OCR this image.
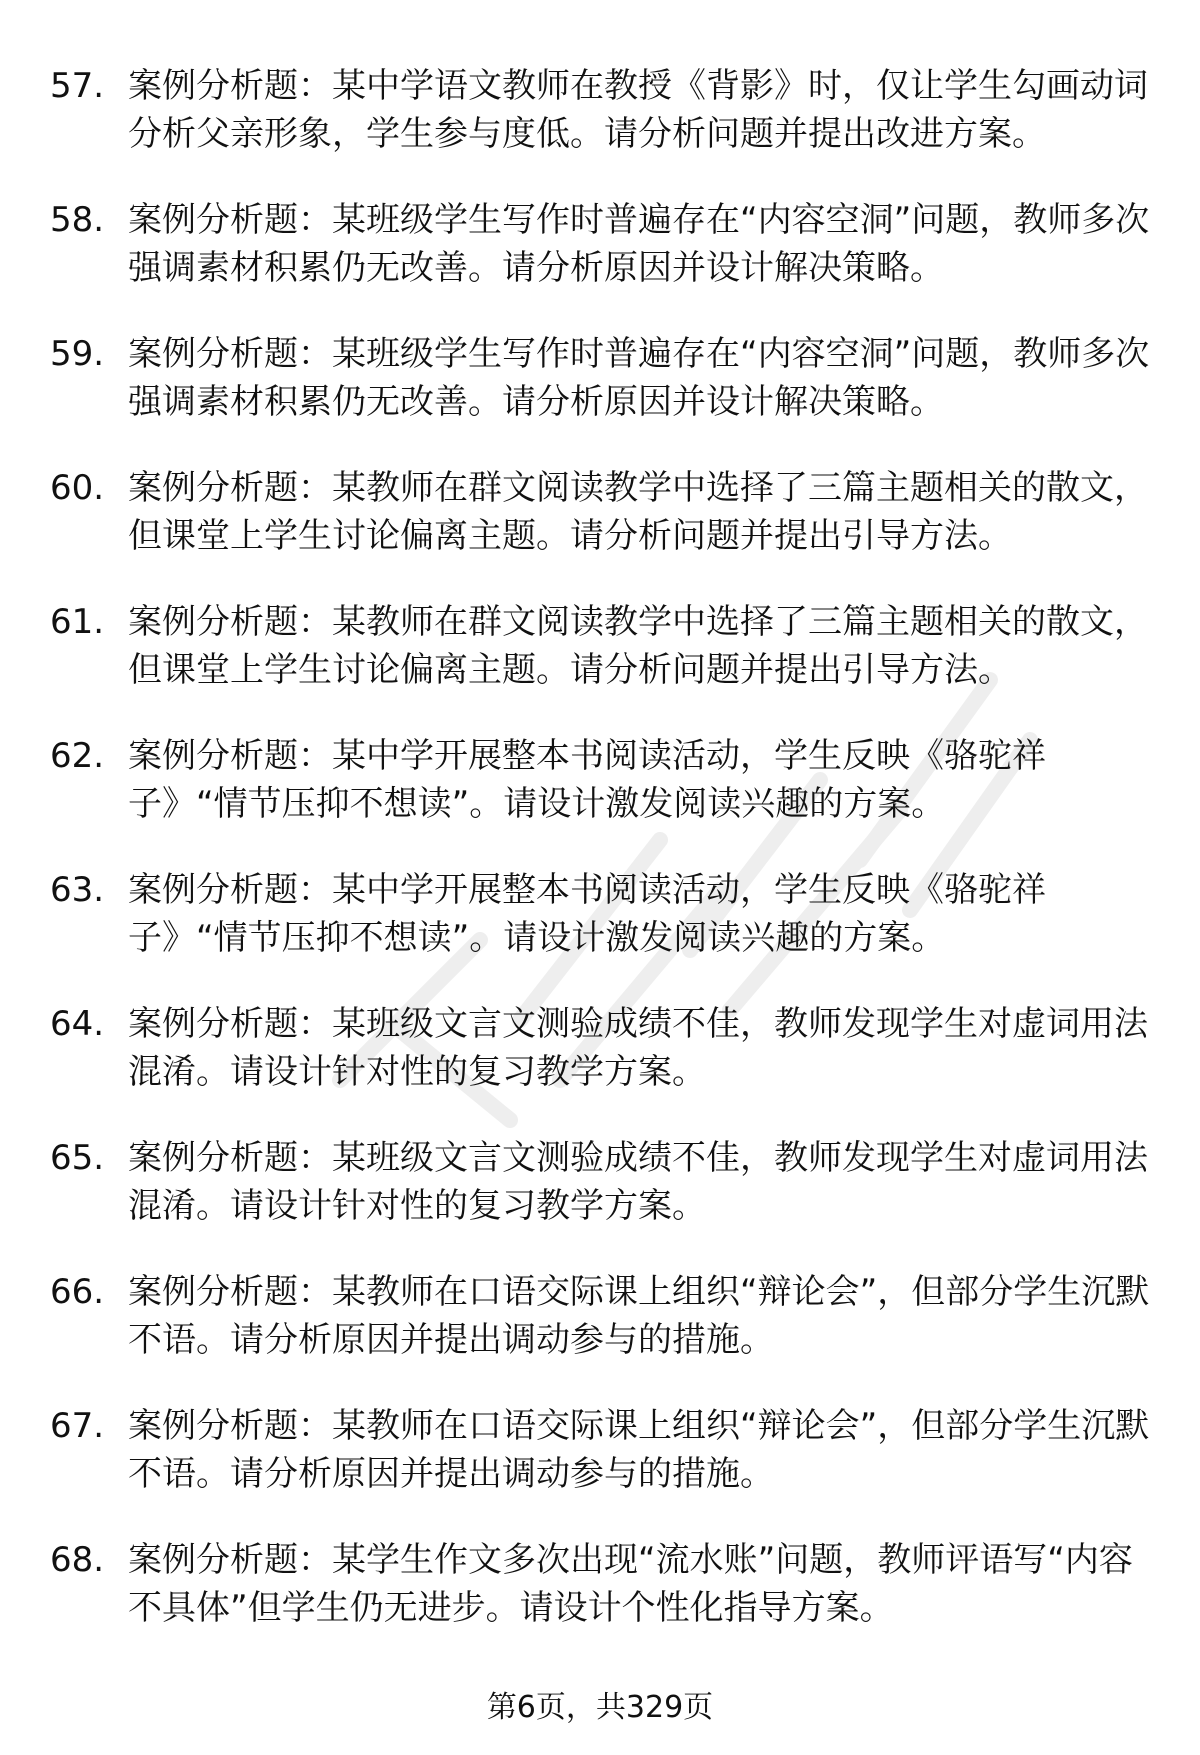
57. 案例分析题：某中学语文教师在教授《背影》时，仅让学生勾画动词分析父亲形象，学生参与度低。请分析问题并提出改进方案。
58. 案例分析题：某班级学生写作时普遍存在“内容空洞”问题，教师多次强调素材积累仍无改善。请分析原因并设计解决策略。
59. 案例分析题：某班级学生写作时普遍存在“内容空洞”问题，教师多次强调素材积累仍无改善。请分析原因并设计解决策略。
60. 案例分析题：某教师在群文阅读教学中选择了三篇主题相关的散文，但课堂上学生讨论偏离主题。请分析问题并提出引导方法。
61. 案例分析题：某教师在群文阅读教学中选择了三篇主题相关的散文，但课堂上学生讨论偏离主题。请分析问题并提出引导方法。
62. 案例分析题：某中学开展整本书阅读活动，学生反映《骆驼祥子》“情节压抑不想读”。请设计激发阅读兴趣的方案。
63. 案例分析题：某中学开展整本书阅读活动，学生反映《骆驼祥子》“情节压抑不想读”。请设计激发阅读兴趣的方案。
64. 案例分析题：某班级文言文测验成绩不佳，教师发现学生对虚词用法混淆。请设计针对性的复习教学方案。
65. 案例分析题：某班级文言文测验成绩不佳，教师发现学生对虚词用法混淆。请设计针对性的复习教学方案。
66. 案例分析题：某教师在口语交际课上组织“辩论会”，但部分学生沉默不语。请分析原因并提出调动参与的措施。
67. 案例分析题：某教师在口语交际课上组织“辩论会”，但部分学生沉默不语。请分析原因并提出调动参与的措施。
68. 案例分析题：某学生作文多次出现“流水账”问题，教师评语写“内容不具体”但学生仍无进步。请设计个性化指导方案。
第6页，共329页
